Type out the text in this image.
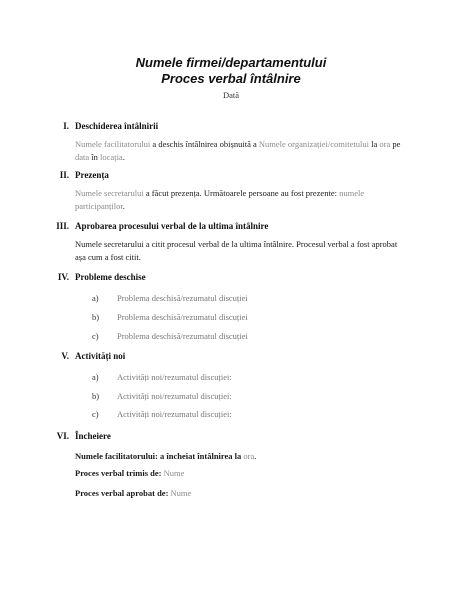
Numele firmei/departamentului
Proces verbal întâlnire
Dată
I. Deschiderea întâlnirii
Numele facilitatorului a deschis întâlnirea obișnuită a Numele organizației/comitetului la ora pe data în locația.
II. Prezența
Numele secretarului a făcut prezența. Următoarele persoane au fost prezente: numele participanților.
III. Aprobarea procesului verbal de la ultima întâlnire
Numele secretarului a citit procesul verbal de la ultima întâlnire. Procesul verbal a fost aprobat așa cum a fost citit.
IV. Probleme deschise
a) Problema deschisă/rezumatul discuției
b) Problema deschisă/rezumatul discuției
c) Problema deschisă/rezumatul discuției
V. Activități noi
a) Activități noi/rezumatul discuției:
b) Activități noi/rezumatul discuției:
c) Activități noi/rezumatul discuției:
VI. Încheiere
Numele facilitatorului: a încheiat întâlnirea la ora.
Proces verbal trimis de: Nume
Proces verbal aprobat de: Nume
